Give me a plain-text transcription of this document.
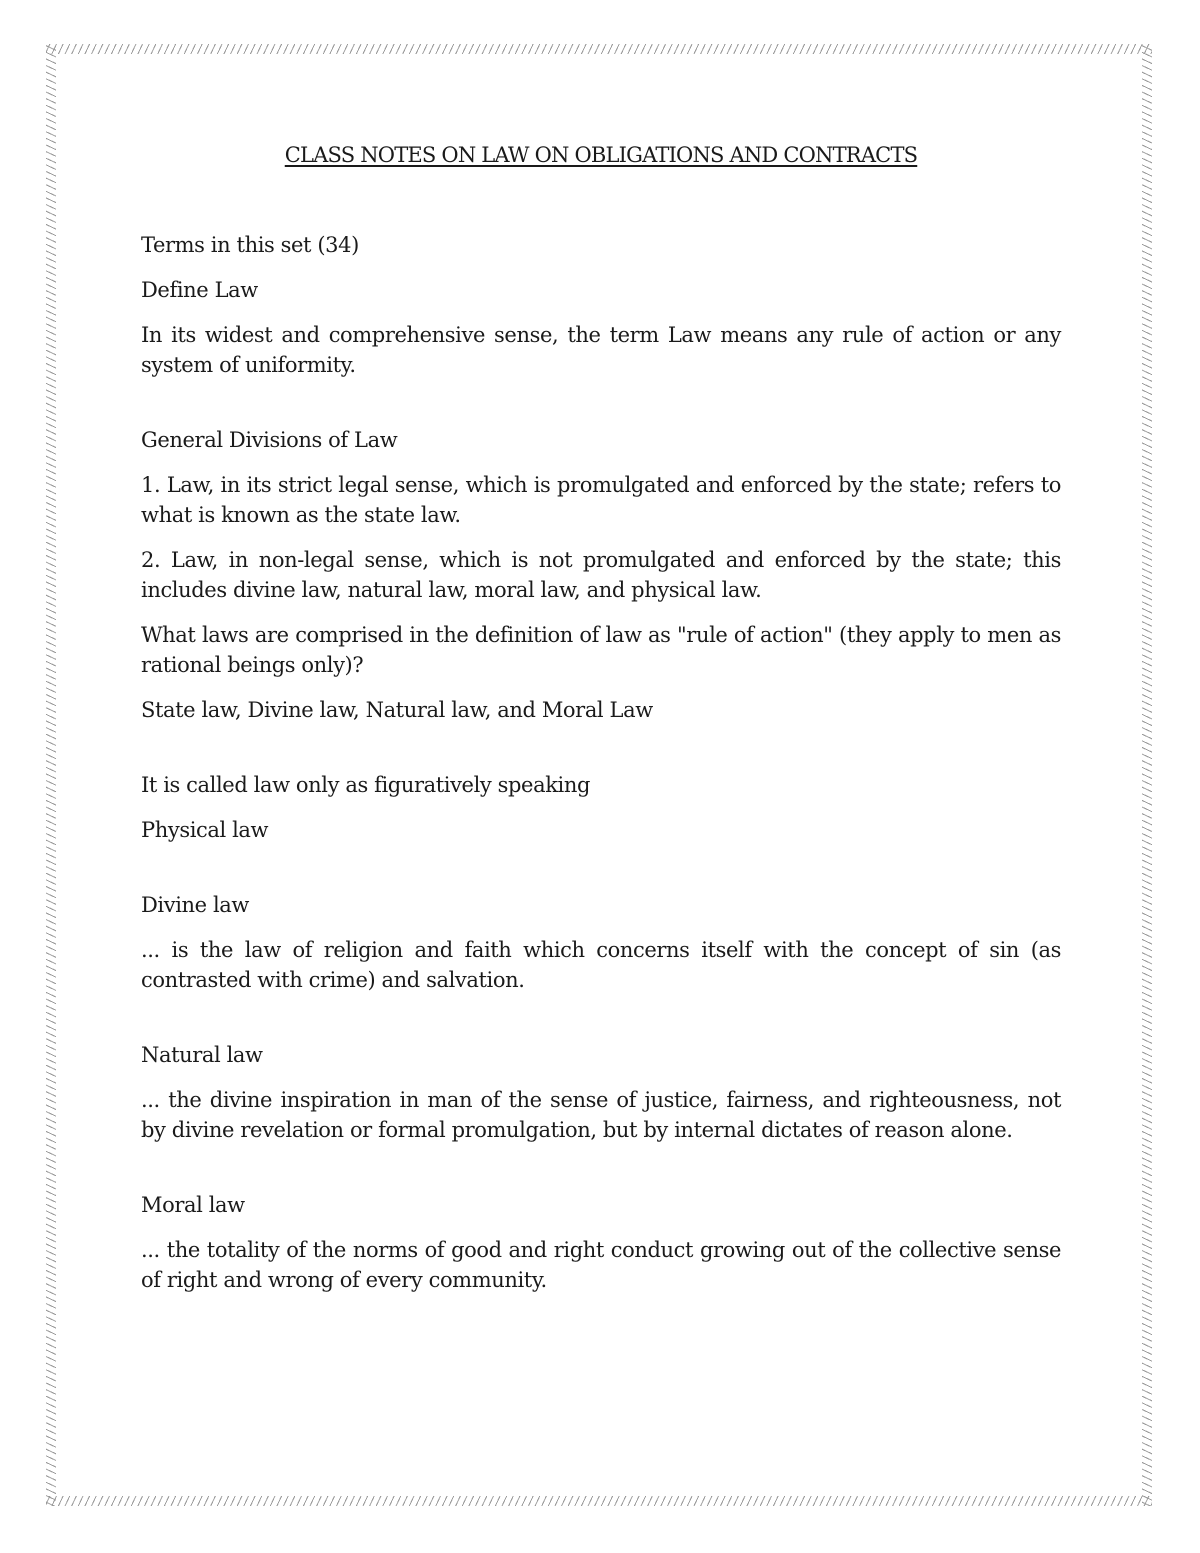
CLASS NOTES ON LAW ON OBLIGATIONS AND CONTRACTS
Terms in this set (34)
Define Law
In its widest and comprehensive sense, the term Law means any rule of action or any system of uniformity.
General Divisions of Law
1. Law, in its strict legal sense, which is promulgated and enforced by the state; refers to what is known as the state law.
2. Law, in non-legal sense, which is not promulgated and enforced by the state; this includes divine law, natural law, moral law, and physical law.
What laws are comprised in the definition of law as "rule of action" (they apply to men as rational beings only)?
State law, Divine law, Natural law, and Moral Law
It is called law only as figuratively speaking
Physical law
Divine law
... is the law of religion and faith which concerns itself with the concept of sin (as contrasted with crime) and salvation.
Natural law
... the divine inspiration in man of the sense of justice, fairness, and righteousness, not by divine revelation or formal promulgation, but by internal dictates of reason alone.
Moral law
... the totality of the norms of good and right conduct growing out of the collective sense of right and wrong of every community.
